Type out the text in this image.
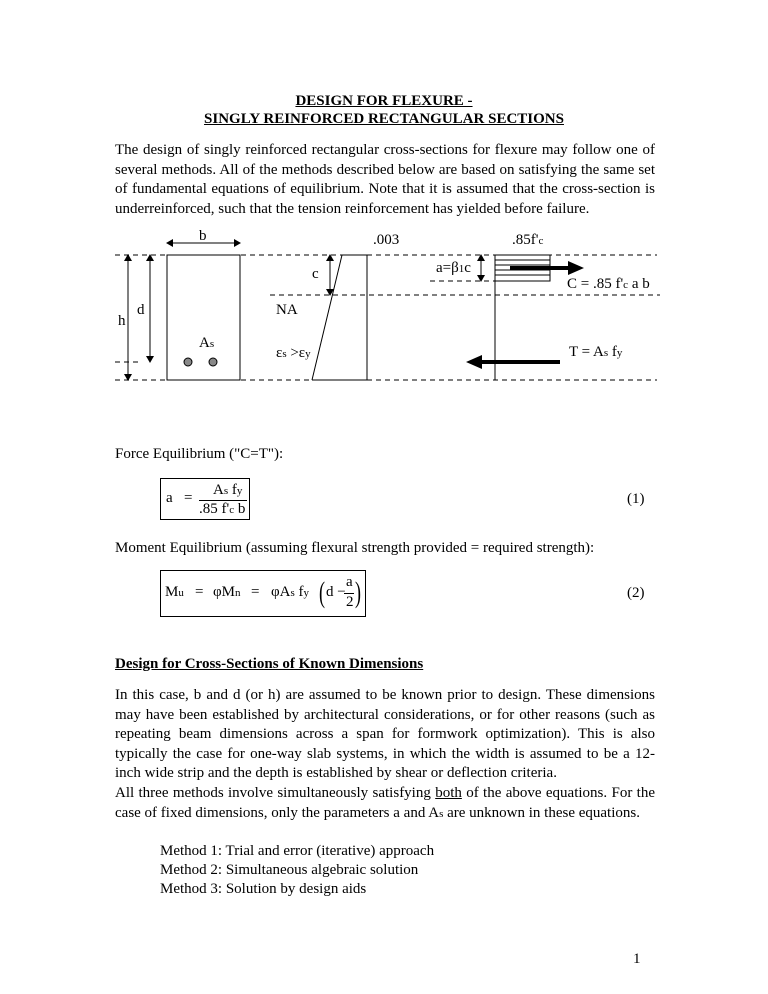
DESIGN FOR FLEXURE -
SINGLY REINFORCED RECTANGULAR SECTIONS
The design of singly reinforced rectangular cross-sections for flexure may follow one of several methods. All of the methods described below are based on satisfying the same set of fundamental equations of equilibrium. Note that it is assumed that the cross-section is underreinforced, such that the tension reinforcement has yielded before failure.
b
h
d
c
As
.003
NA
εs >εy
.85f'c
a=β1c
C = .85 f'c a b
T = As fy
Force Equilibrium ("C=T"):
a = As fy
.85 f'c b
(1)
Moment Equilibrium (assuming flexural strength provided = required strength):
Mu = φMn = φAs fy ( d −
a
2 )	(2)
Design for Cross-Sections of Known Dimensions
In this case, b and d (or h) are assumed to be known prior to design. These dimensions may have been established by architectural considerations, or for other reasons (such as repeating beam dimensions across a span for formwork optimization). This is also typically the case for one-way slab systems, in which the width is assumed to be a 12-inch wide strip and the depth is established by shear or deflection criteria.
All three methods involve simultaneously satisfying both of the above equations. For the case of fixed dimensions, only the parameters a and As are unknown in these equations.
Method 1: Trial and error (iterative) approach
Method 2: Simultaneous algebraic solution
Method 3: Solution by design aids
1
